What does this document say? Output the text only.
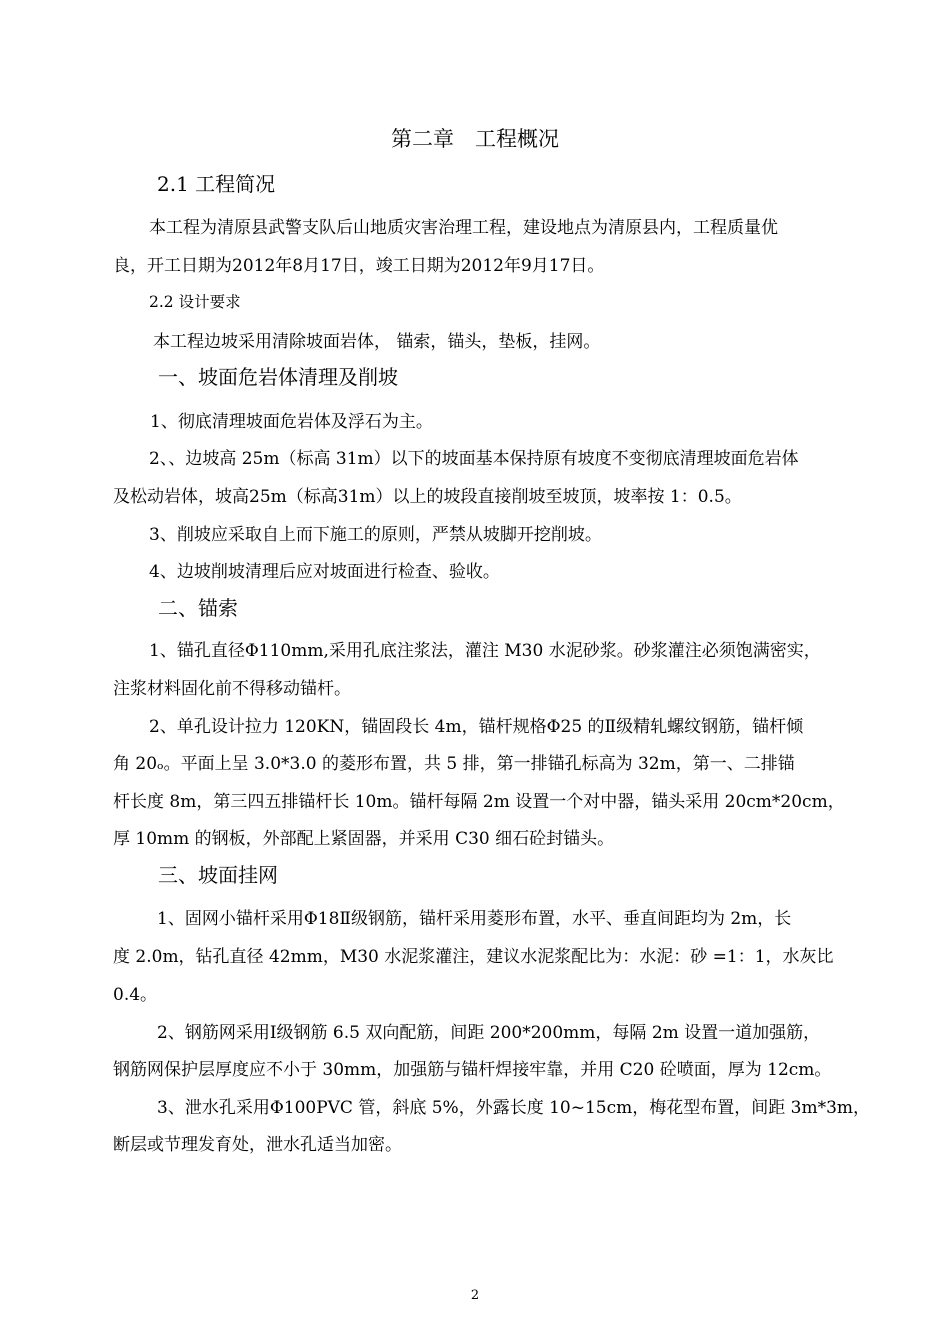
第二章　工程概况
2.1 工程简况
本工程为清原县武警支队后山地质灾害治理工程，建设地点为清原县内，工程质量优
良，开工日期为2012年8月17日，竣工日期为2012年9月17日。
2.2 设计要求
本工程边坡采用清除坡面岩体， 锚索，锚头，垫板，挂网。
一、坡面危岩体清理及削坡
1、彻底清理坡面危岩体及浮石为主。
2、、边坡高 25m（标高 31m）以下的坡面基本保持原有坡度不变彻底清理坡面危岩体
及松动岩体，坡高25m（标高31m）以上的坡段直接削坡至坡顶，坡率按 1：0.5。
3、削坡应采取自上而下施工的原则，严禁从坡脚开挖削坡。
4、边坡削坡清理后应对坡面进行检查、验收。
二、锚索
1、锚孔直径Φ110mm,采用孔底注浆法，灌注 M30 水泥砂浆。砂浆灌注必须饱满密实，
注浆材料固化前不得移动锚杆。
2、单孔设计拉力 120KN，锚固段长 4m，锚杆规格Φ25 的Ⅱ级精轧螺纹钢筋，锚杆倾
角 20ₒ。平面上呈 3.0*3.0 的菱形布置，共 5 排，第一排锚孔标高为 32m，第一、二排锚
杆长度 8m，第三四五排锚杆长 10m。锚杆每隔 2m 设置一个对中器，锚头采用 20cm*20cm，
厚 10mm 的钢板，外部配上紧固器，并采用 C30 细石砼封锚头。
三、坡面挂网
1、固网小锚杆采用Φ18Ⅱ级钢筋，锚杆采用菱形布置，水平、垂直间距均为 2m，长
度 2.0m，钻孔直径 42mm，M30 水泥浆灌注，建议水泥浆配比为：水泥：砂 =1：1，水灰比
0.4。
2、钢筋网采用Ⅰ级钢筋 6.5 双向配筋，间距 200*200mm，每隔 2m 设置一道加强筋，
钢筋网保护层厚度应不小于 30mm，加强筋与锚杆焊接牢靠，并用 C20 砼喷面，厚为 12cm。
3、泄水孔采用Φ100PVC 管，斜底 5%，外露长度 10~15cm，梅花型布置，间距 3m*3m，
断层或节理发育处，泄水孔适当加密。
2
